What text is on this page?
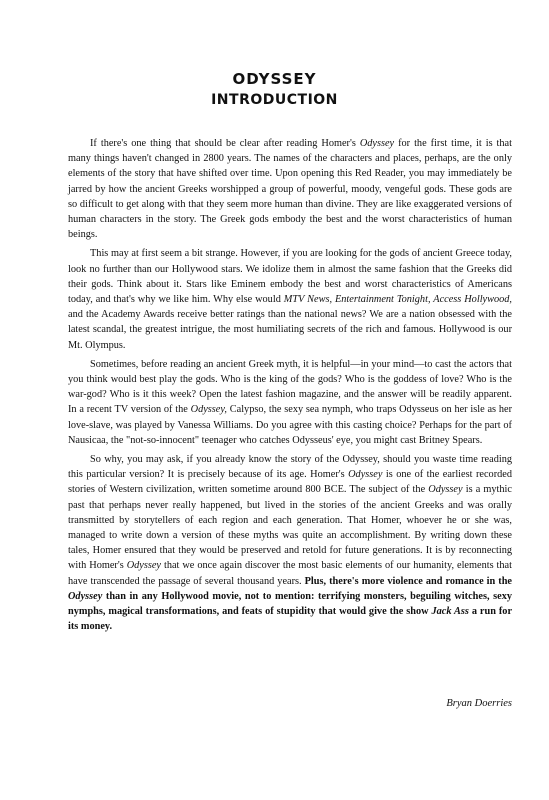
ODYSSEY
INTRODUCTION

If there's one thing that should be clear after reading Homer's Odyssey for the first time, it is that many things haven't changed in 2800 years. The names of the characters and places, perhaps, are the only elements of the story that have shifted over time. Upon opening this Red Reader, you may immediately be jarred by how the ancient Greeks worshipped a group of powerful, moody, vengeful gods. These gods are so difficult to get along with that they seem more human than divine. They are like exaggerated versions of human characters in the story. The Greek gods embody the best and the worst characteristics of human beings.

This may at first seem a bit strange. However, if you are looking for the gods of ancient Greece today, look no further than our Hollywood stars. We idolize them in almost the same fashion that the Greeks did their gods. Think about it. Stars like Eminem embody the best and worst characteristics of Americans today, and that's why we like him. Why else would MTV News, Entertainment Tonight, Access Hollywood, and the Academy Awards receive better ratings than the national news? We are a nation obsessed with the latest scandal, the greatest intrigue, the most humiliating secrets of the rich and famous. Hollywood is our Mt. Olympus.

Sometimes, before reading an ancient Greek myth, it is helpful—in your mind—to cast the actors that you think would best play the gods. Who is the king of the gods? Who is the goddess of love? Who is the war-god? Who is it this week? Open the latest fashion magazine, and the answer will be readily apparent. In a recent TV version of the Odyssey, Calypso, the sexy sea nymph, who traps Odysseus on her isle as her love-slave, was played by Vanessa Williams. Do you agree with this casting choice? Perhaps for the part of Nausicaa, the "not-so-innocent" teenager who catches Odysseus' eye, you might cast Britney Spears.

So why, you may ask, if you already know the story of the Odyssey, should you waste time reading this particular version? It is precisely because of its age. Homer's Odyssey is one of the earliest recorded stories of Western civilization, written sometime around 800 BCE. The subject of the Odyssey is a mythic past that perhaps never really happened, but lived in the stories of the ancient Greeks and was orally transmitted by storytellers of each region and each generation. That Homer, whoever he or she was, managed to write down a version of these myths was quite an accomplishment. By writing down these tales, Homer ensured that they would be preserved and retold for future generations. It is by reconnecting with Homer's Odyssey that we once again discover the most basic elements of our humanity, elements that have transcended the passage of several thousand years. Plus, there's more violence and romance in the Odyssey than in any Hollywood movie, not to mention: terrifying monsters, beguiling witches, sexy nymphs, magical transformations, and feats of stupidity that would give the show Jack Ass a run for its money.

Bryan Doerries
